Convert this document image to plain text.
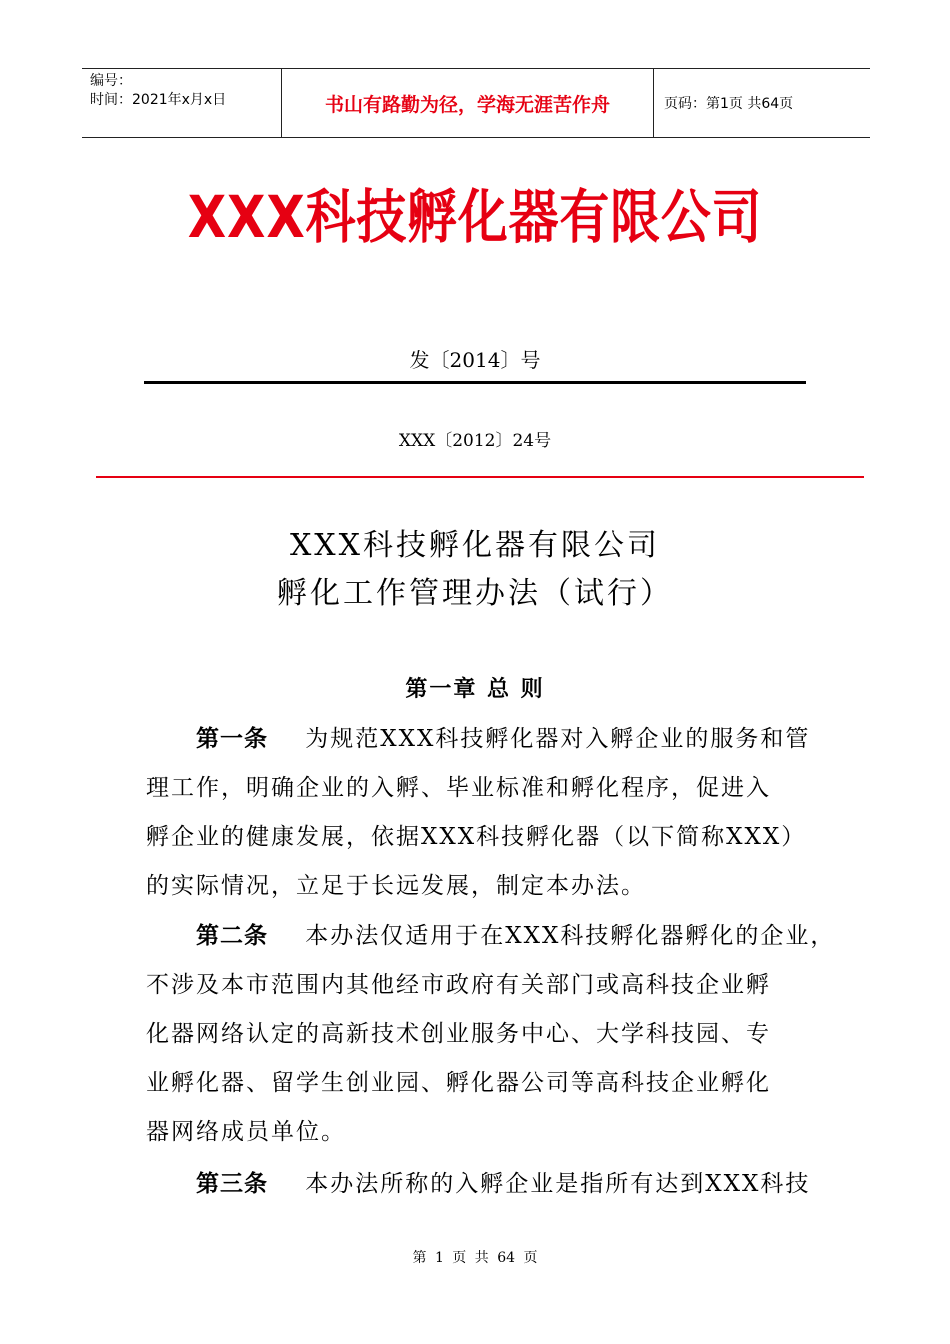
编号：
时间：2021年x月x日	书山有路勤为径，学海无涯苦作舟	页码：第1页 共64页
XXX科技孵化器有限公司
发〔2014〕号
XXX〔2012〕24号
XXX科技孵化器有限公司
孵化工作管理办法（试行）
第一章 总 则
第一条 为规范XXX科技孵化器对入孵企业的服务和管
理工作，明确企业的入孵、毕业标准和孵化程序，促进入
孵企业的健康发展，依据XXX科技孵化器（以下简称XXX）
的实际情况，立足于长远发展，制定本办法。
第二条 本办法仅适用于在XXX科技孵化器孵化的企业，
不涉及本市范围内其他经市政府有关部门或高科技企业孵
化器网络认定的高新技术创业服务中心、大学科技园、专
业孵化器、留学生创业园、孵化器公司等高科技企业孵化
器网络成员单位。
第三条 本办法所称的入孵企业是指所有达到XXX科技
第 1 页 共 64 页
